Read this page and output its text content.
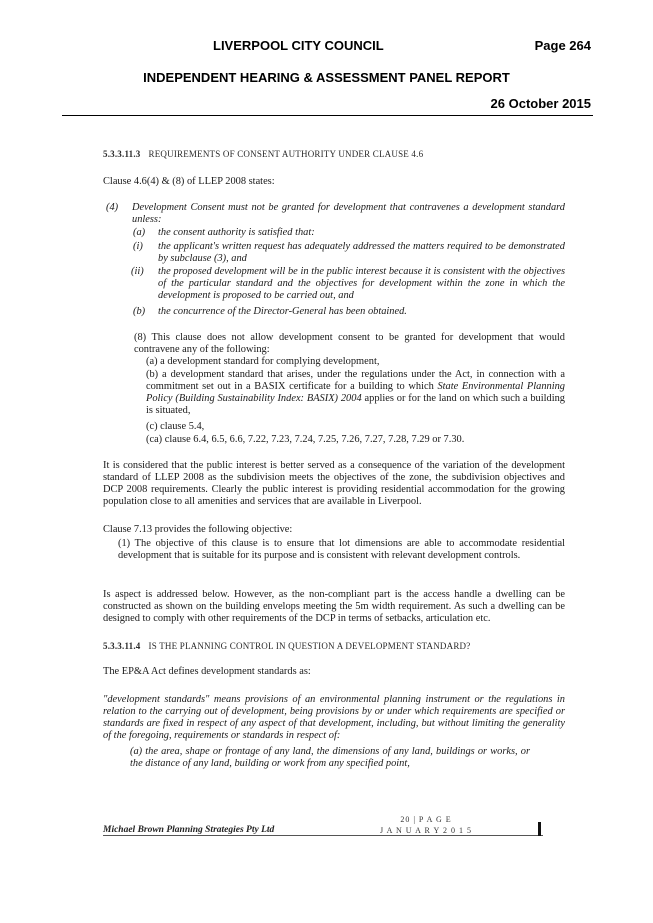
LIVERPOOL CITY COUNCIL	Page 264
INDEPENDENT HEARING & ASSESSMENT PANEL REPORT
26 October 2015
5.3.3.11.3 REQUIREMENTS OF CONSENT AUTHORITY UNDER CLAUSE 4.6

Clause 4.6(4) & (8) of LLEP 2008 states:

(4) Development Consent must not be granted for development that contravenes a development standard unless:

(a) the consent authority is satisfied that:

(i) the applicant's written request has adequately addressed the matters required to be demonstrated by subclause (3), and

(ii) the proposed development will be in the public interest because it is consistent with the objectives of the particular standard and the objectives for development within the zone in which the development is proposed to be carried out, and

(b) the concurrence of the Director-General has been obtained.

(8) This clause does not allow development consent to be granted for development that would contravene any of the following:

(a) a development standard for complying development,

(b) a development standard that arises, under the regulations under the Act, in connection with a commitment set out in a BASIX certificate for a building to which State Environmental Planning Policy (Building Sustainability Index: BASIX) 2004 applies or for the land on which such a building is situated,

(c) clause 5.4,

(ca) clause 6.4, 6.5, 6.6, 7.22, 7.23, 7.24, 7.25, 7.26, 7.27, 7.28, 7.29 or 7.30.

It is considered that the public interest is better served as a consequence of the variation of the development standard of LLEP 2008 as the subdivision meets the objectives of the zone, the subdivision objectives and DCP 2008 requirements. Clearly the public interest is providing residential accommodation for the growing population close to all amenities and services that are available in Liverpool.

Clause 7.13 provides the following objective:

(1) The objective of this clause is to ensure that lot dimensions are able to accommodate residential development that is suitable for its purpose and is consistent with relevant development controls.

Is aspect is addressed below. However, as the non-compliant part is the access handle a dwelling can be constructed as shown on the building envelops meeting the 5m width requirement. As such a dwelling can be designed to comply with other requirements of the DCP in terms of setbacks, articulation etc.

5.3.3.11.4 IS THE PLANNING CONTROL IN QUESTION A DEVELOPMENT STANDARD?

The EP&A Act defines development standards as:

"development standards" means provisions of an environmental planning instrument or the regulations in relation to the carrying out of development, being provisions by or under which requirements are specified or standards are fixed in respect of any aspect of that development, including, but without limiting the generality of the foregoing, requirements or standards in respect of:

(a) the area, shape or frontage of any land, the dimensions of any land, buildings or works, or the distance of any land, building or work from any specified point,

20 | P A G E
J A N U A R Y 2 0 1 5
Michael Brown Planning Strategies Pty Ltd
